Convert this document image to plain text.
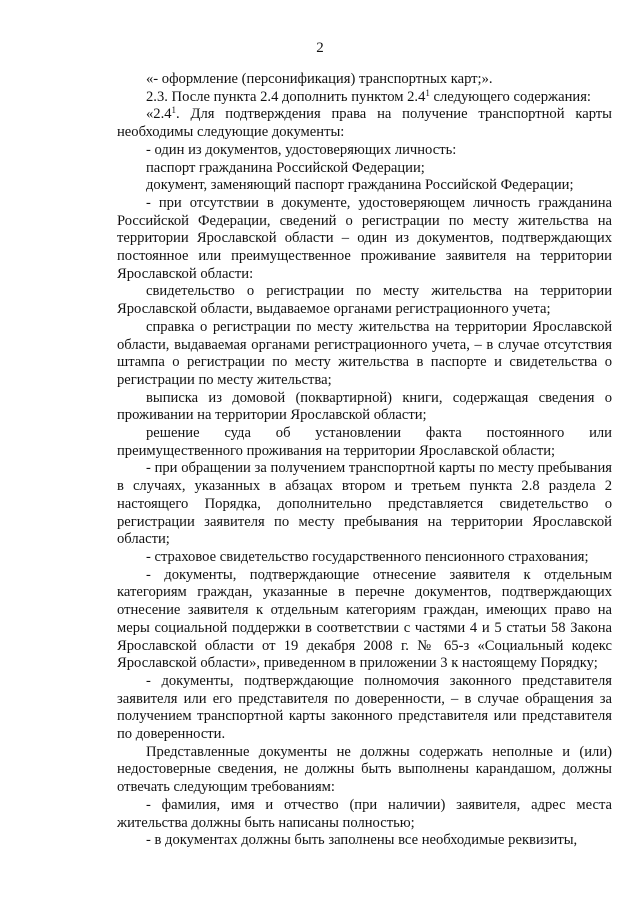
2

«- оформление (персонификация) транспортных карт;».

2.3. После пункта 2.4 дополнить пунктом $2.4^1$ следующего содержания:

«$2.4^1$. Для подтверждения права на получение транспортной карты необходимы следующие документы:

- один из документов, удостоверяющих личность:

паспорт гражданина Российской Федерации;

документ, заменяющий паспорт гражданина Российской Федерации;

- при отсутствии в документе, удостоверяющем личность гражданина Российской Федерации, сведений о регистрации по месту жительства на территории Ярославской области – один из документов, подтверждающих постоянное или преимущественное проживание заявителя на территории Ярославской области:

свидетельство о регистрации по месту жительства на территории Ярославской области, выдаваемое органами регистрационного учета;

справка о регистрации по месту жительства на территории Ярославской области, выдаваемая органами регистрационного учета, – в случае отсутствия штампа о регистрации по месту жительства в паспорте и свидетельства о регистрации по месту жительства;

выписка из домовой (поквартирной) книги, содержащая сведения о проживании на территории Ярославской области;

решение суда об установлении факта постоянного или преимущественного проживания на территории Ярославской области;

- при обращении за получением транспортной карты по месту пребывания в случаях, указанных в абзацах втором и третьем пункта 2.8 раздела 2 настоящего Порядка, дополнительно представляется свидетельство о регистрации заявителя по месту пребывания на территории Ярославской области;

- страховое свидетельство государственного пенсионного страхования;

- документы, подтверждающие отнесение заявителя к отдельным категориям граждан, указанные в перечне документов, подтверждающих отнесение заявителя к отдельным категориям граждан, имеющих право на меры социальной поддержки в соответствии с частями 4 и 5 статьи 58 Закона Ярославской области от 19 декабря 2008 г. № 65-з «Социальный кодекс Ярославской области», приведенном в приложении 3 к настоящему Порядку;

- документы, подтверждающие полномочия законного представителя заявителя или его представителя по доверенности, – в случае обращения за получением транспортной карты законного представителя или представителя по доверенности.

Представленные документы не должны содержать неполные и (или) недостоверные сведения, не должны быть выполнены карандашом, должны отвечать следующим требованиям:

- фамилия, имя и отчество (при наличии) заявителя, адрес места жительства должны быть написаны полностью;

- в документах должны быть заполнены все необходимые реквизиты,
